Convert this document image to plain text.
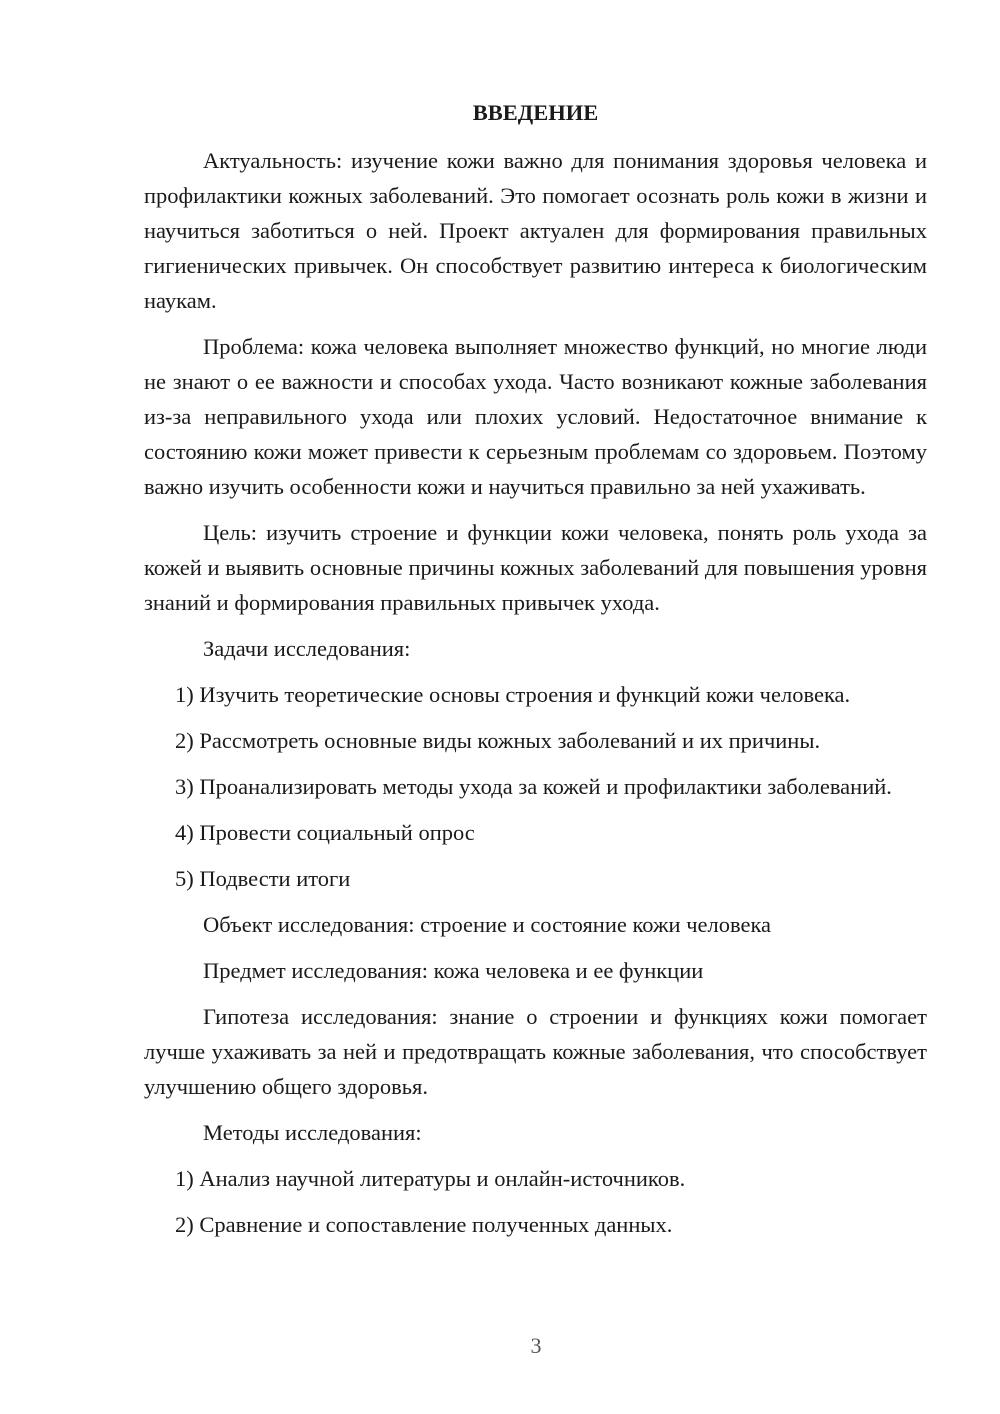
ВВЕДЕНИЕ

Актуальность: изучение кожи важно для понимания здоровья человека и профилактики кожных заболеваний. Это помогает осознать роль кожи в жизни и научиться заботиться о ней. Проект актуален для формирования правильных гигиенических привычек. Он способствует развитию интереса к биологическим наукам.

Проблема: кожа человека выполняет множество функций, но многие люди не знают о ее важности и способах ухода. Часто возникают кожные заболевания из-за неправильного ухода или плохих условий. Недостаточное внимание к состоянию кожи может привести к серьезным проблемам со здоровьем. Поэтому важно изучить особенности кожи и научиться правильно за ней ухаживать.

Цель: изучить строение и функции кожи человека, понять роль ухода за кожей и выявить основные причины кожных заболеваний для повышения уровня знаний и формирования правильных привычек ухода.

Задачи исследования:

1) Изучить теоретические основы строения и функций кожи человека.

2) Рассмотреть основные виды кожных заболеваний и их причины.

3) Проанализировать методы ухода за кожей и профилактики заболеваний.

4) Провести социальный опрос

5) Подвести итоги

Объект исследования: строение и состояние кожи человека

Предмет исследования: кожа человека и ее функции

Гипотеза исследования: знание о строении и функциях кожи помогает лучше ухаживать за ней и предотвращать кожные заболевания, что способствует улучшению общего здоровья.

Методы исследования:

1) Анализ научной литературы и онлайн-источников.

2) Сравнение и сопоставление полученных данных.

3
